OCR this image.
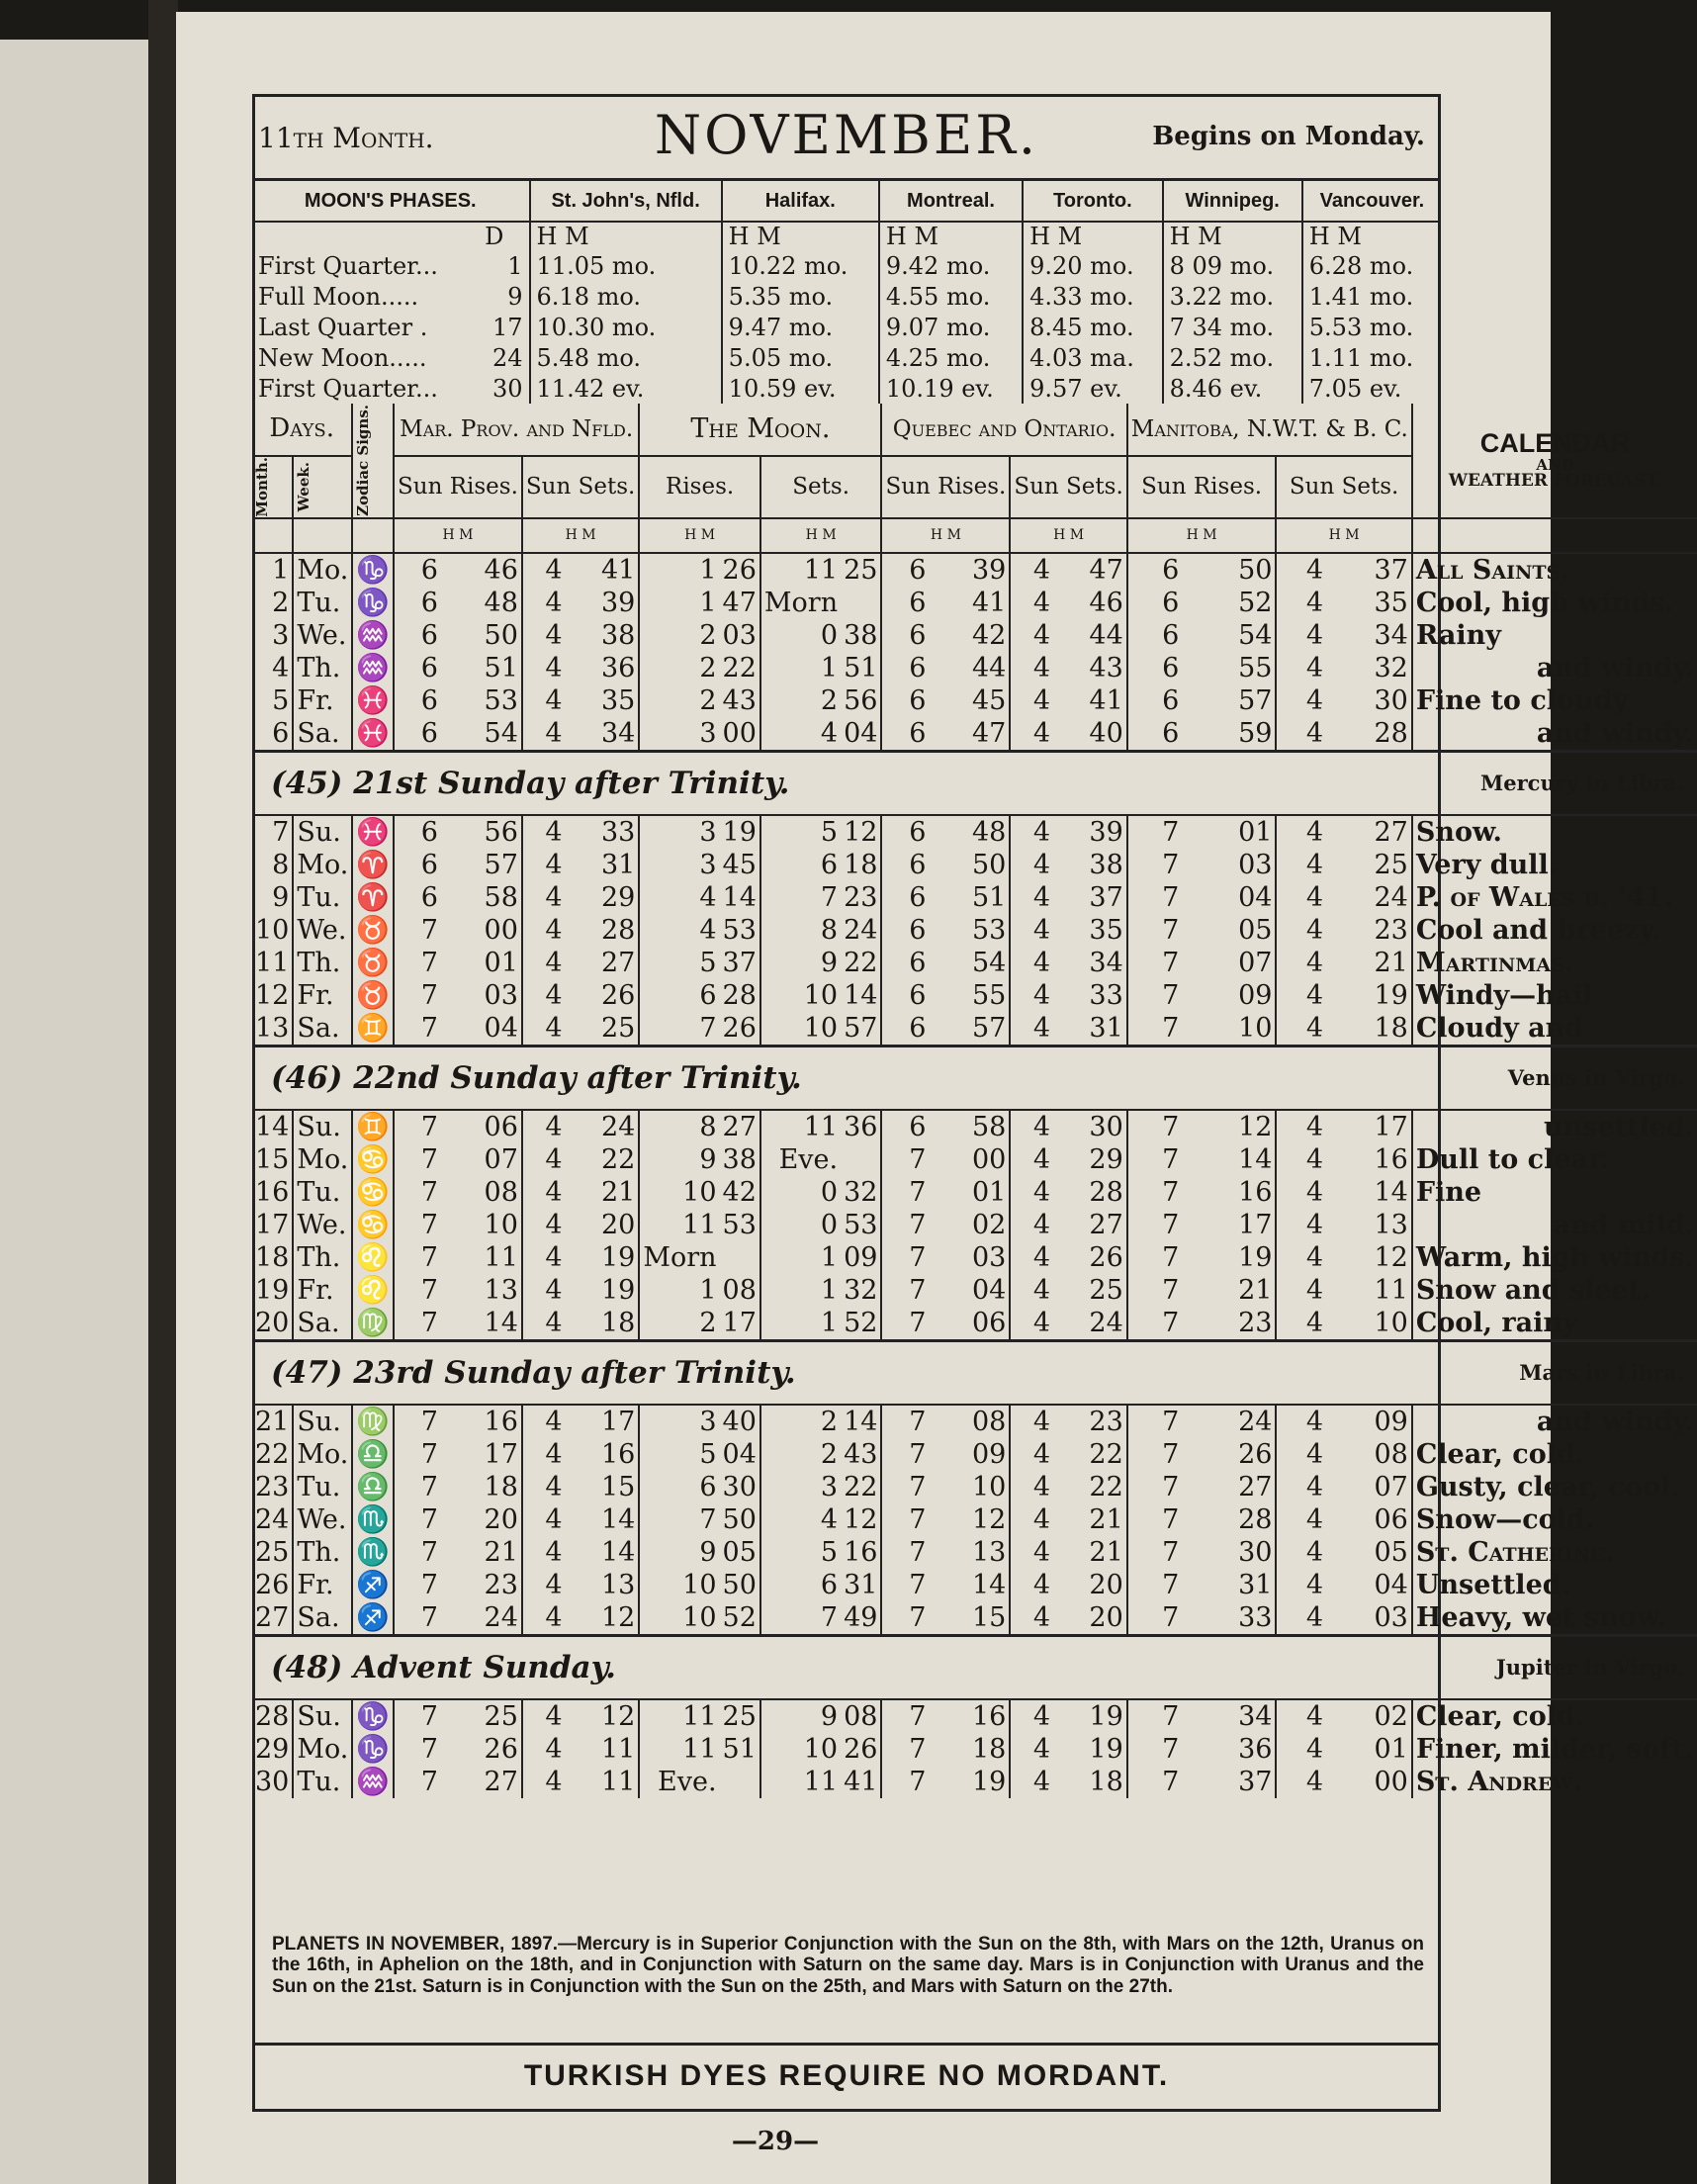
11th Month.	NOVEMBER.	Begins on Monday.
MOON'S PHASES.		St. John's, Nfld.	Halifax.	Montreal.	Toronto.	Winnipeg.	Vancouver.
	D	H M	H M	H M	H M	H M	H M
First Quarter...	1	11.05 mo.	10.22 mo.	9.42 mo.	9.20 mo.	8 09 mo.	6.28 mo.
Full Moon.....	9	6.18 mo.	5.35 mo.	4.55 mo.	4.33 mo.	3.22 mo.	1.41 mo.
Last Quarter .	17	10.30 mo.	9.47 mo.	9.07 mo.	8.45 mo.	7 34 mo.	5.53 mo.
New Moon.....	24	5.48 mo.	5.05 mo.	4.25 mo.	4.03 ma.	2.52 mo.	1.11 mo.
First Quarter...	30	11.42 ev.	10.59 ev.	10.19 ev.	9.57 ev.	8.46 ev.	7.05 ev.
Days.		Zodiac Signs.	Mar. Prov. and Nfld.				The Moon.				Quebec and Ontario.				Manitoba, N.W.T. & B. C.				CALENDAR
AND
WEATHER FORECAST.

Month.	Week.		Sun Rises.		Sun Sets.		Rises.		Sets.		Sun Rises.		Sun Sets.		Sun Rises.		Sun Sets.		
			H M		H M		H M		H M		H M		H M		H M		H M		
1	Mo.	♑	6	46	4	41	1	26	11	25	6	39	4	47	6	50	4	37	All Saints.
2	Tu.	♑	6	48	4	39	1	47	Morn		6	41	4	46	6	52	4	35	Cool, high winds.
3	We.	♒	6	50	4	38	2	03	0	38	6	42	4	44	6	54	4	34	Rainy
4	Th.	♒	6	51	4	36	2	22	1	51	6	44	4	43	6	55	4	32	and windy.
5	Fr.	♓	6	53	4	35	2	43	2	56	6	45	4	41	6	57	4	30	Fine to cloudy
6	Sa.	♓	6	54	4	34	3	00	4	04	6	47	4	40	6	59	4	28	and windy.

(45) 21st Sunday after Trinity. Mercury in Libra.																			

7	Su.	♓	6	56	4	33	3	19	5	12	6	48	4	39	7	01	4	27	Snow.
8	Mo.	♈	6	57	4	31	3	45	6	18	6	50	4	38	7	03	4	25	Very dull.
9	Tu.	♈	6	58	4	29	4	14	7	23	6	51	4	37	7	04	4	24	P. of Wales b. '41.
10	We.	♉	7	00	4	28	4	53	8	24	6	53	4	35	7	05	4	23	Cool and breezy.
11	Th.	♉	7	01	4	27	5	37	9	22	6	54	4	34	7	07	4	21	Martinmas.
12	Fr.	♉	7	03	4	26	6	28	10	14	6	55	4	33	7	09	4	19	Windy—hail
13	Sa.	♊	7	04	4	25	7	26	10	57	6	57	4	31	7	10	4	18	Cloudy and

(46) 22nd Sunday after Trinity. Venus in Virgo.																			

14	Su.	♊	7	06	4	24	8	27	11	36	6	58	4	30	7	12	4	17	unsettled.
15	Mo.	♋	7	07	4	22	9	38	Eve.		7	00	4	29	7	14	4	16	Dull to clear.
16	Tu.	♋	7	08	4	21	10	42	0	32	7	01	4	28	7	16	4	14	Fine
17	We.	♋	7	10	4	20	11	53	0	53	7	02	4	27	7	17	4	13	and mild.
18	Th.	♌	7	11	4	19	Morn		1	09	7	03	4	26	7	19	4	12	Warm, high winds.
19	Fr.	♌	7	13	4	19	1	08	1	32	7	04	4	25	7	21	4	11	Snow and sleet.
20	Sa.	♍	7	14	4	18	2	17	1	52	7	06	4	24	7	23	4	10	Cool, rainy

(47) 23rd Sunday after Trinity. Mars in Libra.																			

21	Su.	♍	7	16	4	17	3	40	2	14	7	08	4	23	7	24	4	09	and windy.
22	Mo.	♎	7	17	4	16	5	04	2	43	7	09	4	22	7	26	4	08	Clear, cold.
23	Tu.	♎	7	18	4	15	6	30	3	22	7	10	4	22	7	27	4	07	Gusty, clear, cool.
24	We.	♏	7	20	4	14	7	50	4	12	7	12	4	21	7	28	4	06	Snow—cold.
25	Th.	♏	7	21	4	14	9	05	5	16	7	13	4	21	7	30	4	05	St. Catherine.
26	Fr.	♐	7	23	4	13	10	50	6	31	7	14	4	20	7	31	4	04	Unsettled.
27	Sa.	♐	7	24	4	12	10	52	7	49	7	15	4	20	7	33	4	03	Heavy, wet snow.

(48) Advent Sunday. Jupiter in Virgo.																			

28	Su.	♑	7	25	4	12	11	25	9	08	7	16	4	19	7	34	4	02	Clear, cold.
29	Mo.	♑	7	26	4	11	11	51	10	26	7	18	4	19	7	36	4	01	Finer, milder, soft.
30	Tu.	♒	7	27	4	11	Eve.		11	41	7	19	4	18	7	37	4	00	St. Andrew.
PLANETS IN NOVEMBER, 1897.—Mercury is in Superior Conjunction with the Sun on the 8th, with Mars on the 12th, Uranus on the 16th, in Aphelion on the 18th, and in Conjunction with Saturn on the same day. Mars is in Conjunction with Uranus and the Sun on the 21st. Saturn is in Conjunction with the Sun on the 25th, and Mars with Saturn on the 27th.
TURKISH DYES REQUIRE NO MORDANT.
—29—
